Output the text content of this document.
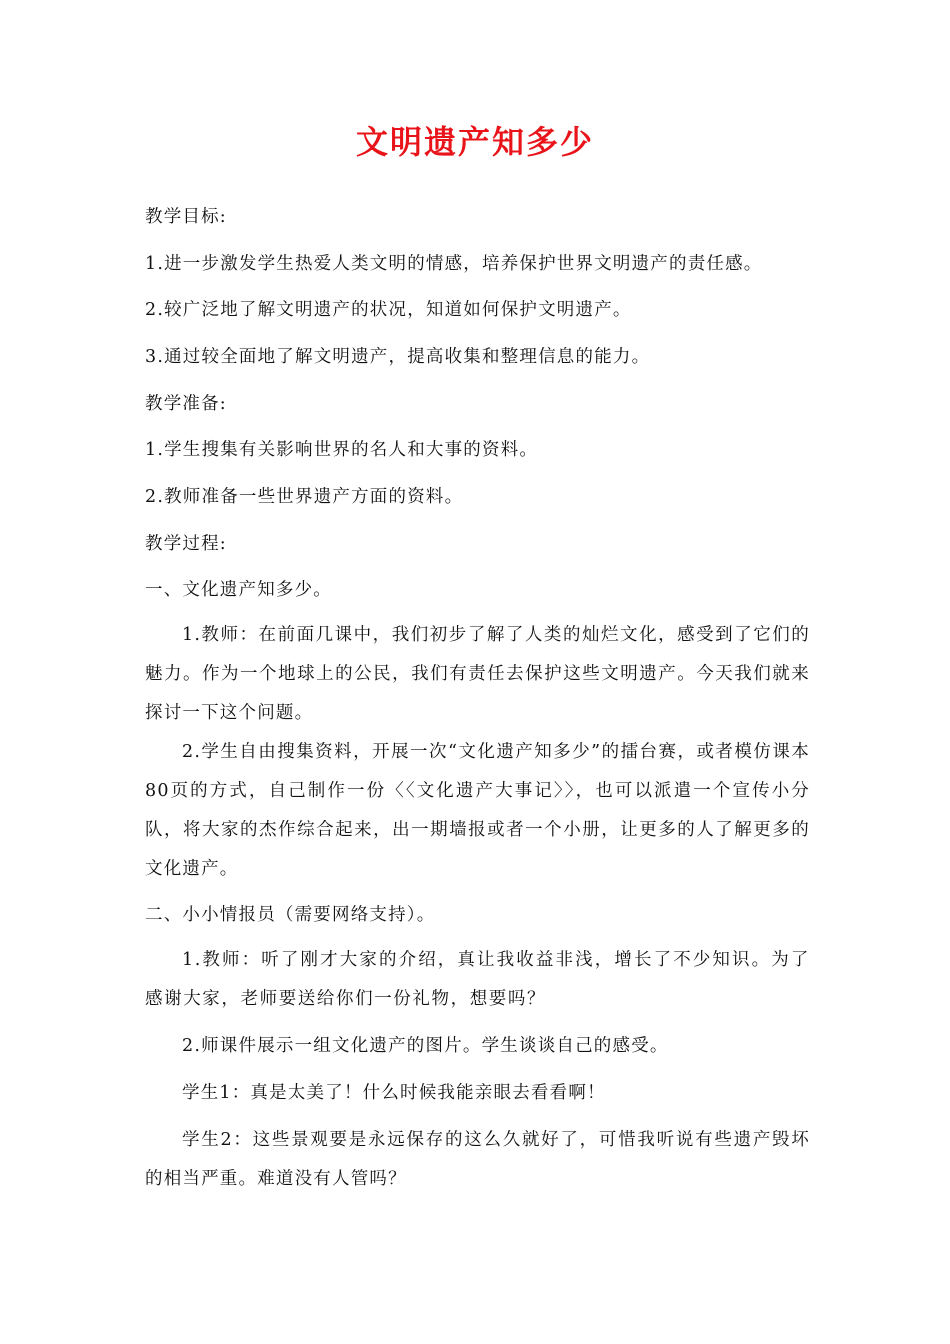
文明遗产知多少

教学目标:

1.进一步激发学生热爱人类文明的情感，培养保护世界文明遗产的责任感。

2.较广泛地了解文明遗产的状况，知道如何保护文明遗产。

3.通过较全面地了解文明遗产，提高收集和整理信息的能力。

教学准备:

1.学生搜集有关影响世界的名人和大事的资料。

2.教师准备一些世界遗产方面的资料。

教学过程:

一、文化遗产知多少。

1.教师：在前面几课中，我们初步了解了人类的灿烂文化，感受到了它们的魅力。作为一个地球上的公民，我们有责任去保护这些文明遗产。今天我们就来探讨一下这个问题。

2.学生自由搜集资料，开展一次“文化遗产知多少”的擂台赛，或者模仿课本80页的方式，自己制作一份〈〈文化遗产大事记〉〉，也可以派遣一个宣传小分队，将大家的杰作综合起来，出一期墙报或者一个小册，让更多的人了解更多的文化遗产。

二、小小情报员（需要网络支持）。

1.教师：听了刚才大家的介绍，真让我收益非浅，增长了不少知识。为了感谢大家，老师要送给你们一份礼物，想要吗？

2.师课件展示一组文化遗产的图片。学生谈谈自己的感受。

学生1：真是太美了！什么时候我能亲眼去看看啊！

学生2：这些景观要是永远保存的这么久就好了，可惜我听说有些遗产毁坏的相当严重。难道没有人管吗？
